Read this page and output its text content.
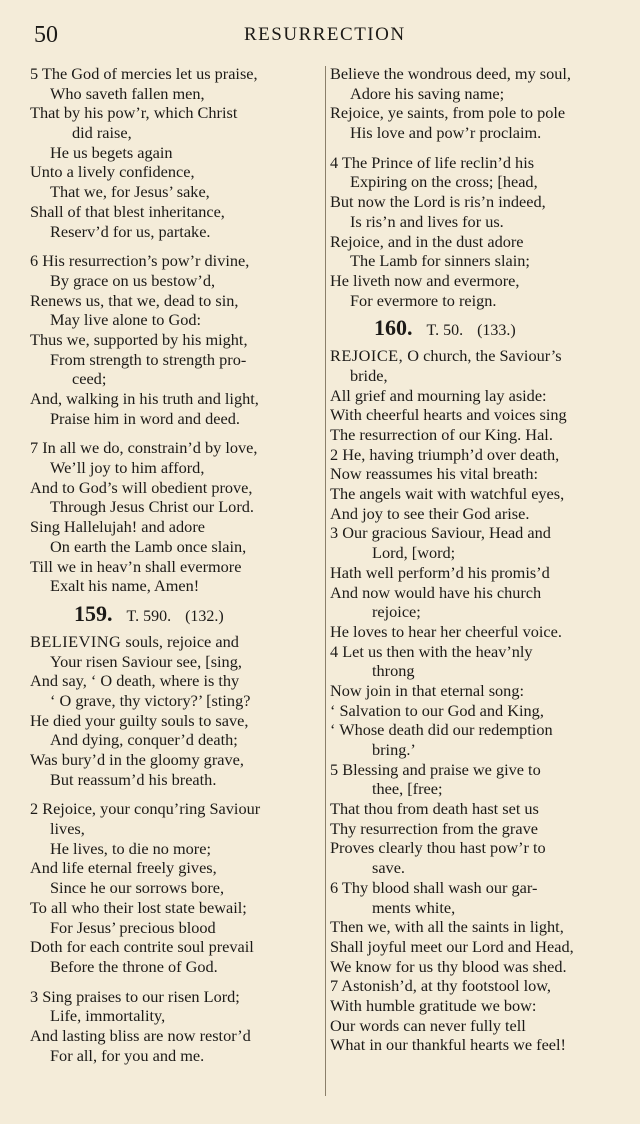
50	RESURRECTION
5 The God of mercies let us praise,
Who saveth fallen men,
That by his pow’r, which Christ
did raise,
He us begets again
Unto a lively confidence,
That we, for Jesus’ sake,
Shall of that blest inheritance,
Reserv’d for us, partake.
6 His resurrection’s pow’r divine,
By grace on us bestow’d,
Renews us, that we, dead to sin,
May live alone to God:
Thus we, supported by his might,
From strength to strength pro-
ceed;
And, walking in his truth and light,
Praise him in word and deed.
7 In all we do, constrain’d by love,
We’ll joy to him afford,
And to God’s will obedient prove,
Through Jesus Christ our Lord.
Sing Hallelujah! and adore
On earth the Lamb once slain,
Till we in heav’n shall evermore
Exalt his name, Amen!
159. T. 590. (132.)
BELIEVING souls, rejoice and
Your risen Saviour see, [sing,
And say, ‘ O death, where is thy
‘ O grave, thy victory?’ [sting?
He died your guilty souls to save,
And dying, conquer’d death;
Was bury’d in the gloomy grave,
But reassum’d his breath.
2 Rejoice, your conqu’ring Saviour
lives,
He lives, to die no more;
And life eternal freely gives,
Since he our sorrows bore,
To all who their lost state bewail;
For Jesus’ precious blood
Doth for each contrite soul prevail
Before the throne of God.
3 Sing praises to our risen Lord;
Life, immortality,
And lasting bliss are now restor’d
For all, for you and me.
Believe the wondrous deed, my soul,
Adore his saving name;
Rejoice, ye saints, from pole to pole
His love and pow’r proclaim.
4 The Prince of life reclin’d his
Expiring on the cross; [head,
But now the Lord is ris’n indeed,
Is ris’n and lives for us.
Rejoice, and in the dust adore
The Lamb for sinners slain;
He liveth now and evermore,
For evermore to reign.
160. T. 50. (133.)
REJOICE, O church, the Saviour’s
bride,
All grief and mourning lay aside:
With cheerful hearts and voices sing
The resurrection of our King. Hal.
2 He, having triumph’d over death,
Now reassumes his vital breath:
The angels wait with watchful eyes,
And joy to see their God arise.
3 Our gracious Saviour, Head and
Lord, [word;
Hath well perform’d his promis’d
And now would have his church
rejoice;
He loves to hear her cheerful voice.
4 Let us then with the heav’nly
throng
Now join in that eternal song:
‘ Salvation to our God and King,
‘ Whose death did our redemption
bring.’
5 Blessing and praise we give to
thee, [free;
That thou from death hast set us
Thy resurrection from the grave
Proves clearly thou hast pow’r to
save.
6 Thy blood shall wash our gar-
ments white,
Then we, with all the saints in light,
Shall joyful meet our Lord and Head,
We know for us thy blood was shed.
7 Astonish’d, at thy footstool low,
With humble gratitude we bow:
Our words can never fully tell
What in our thankful hearts we feel!
